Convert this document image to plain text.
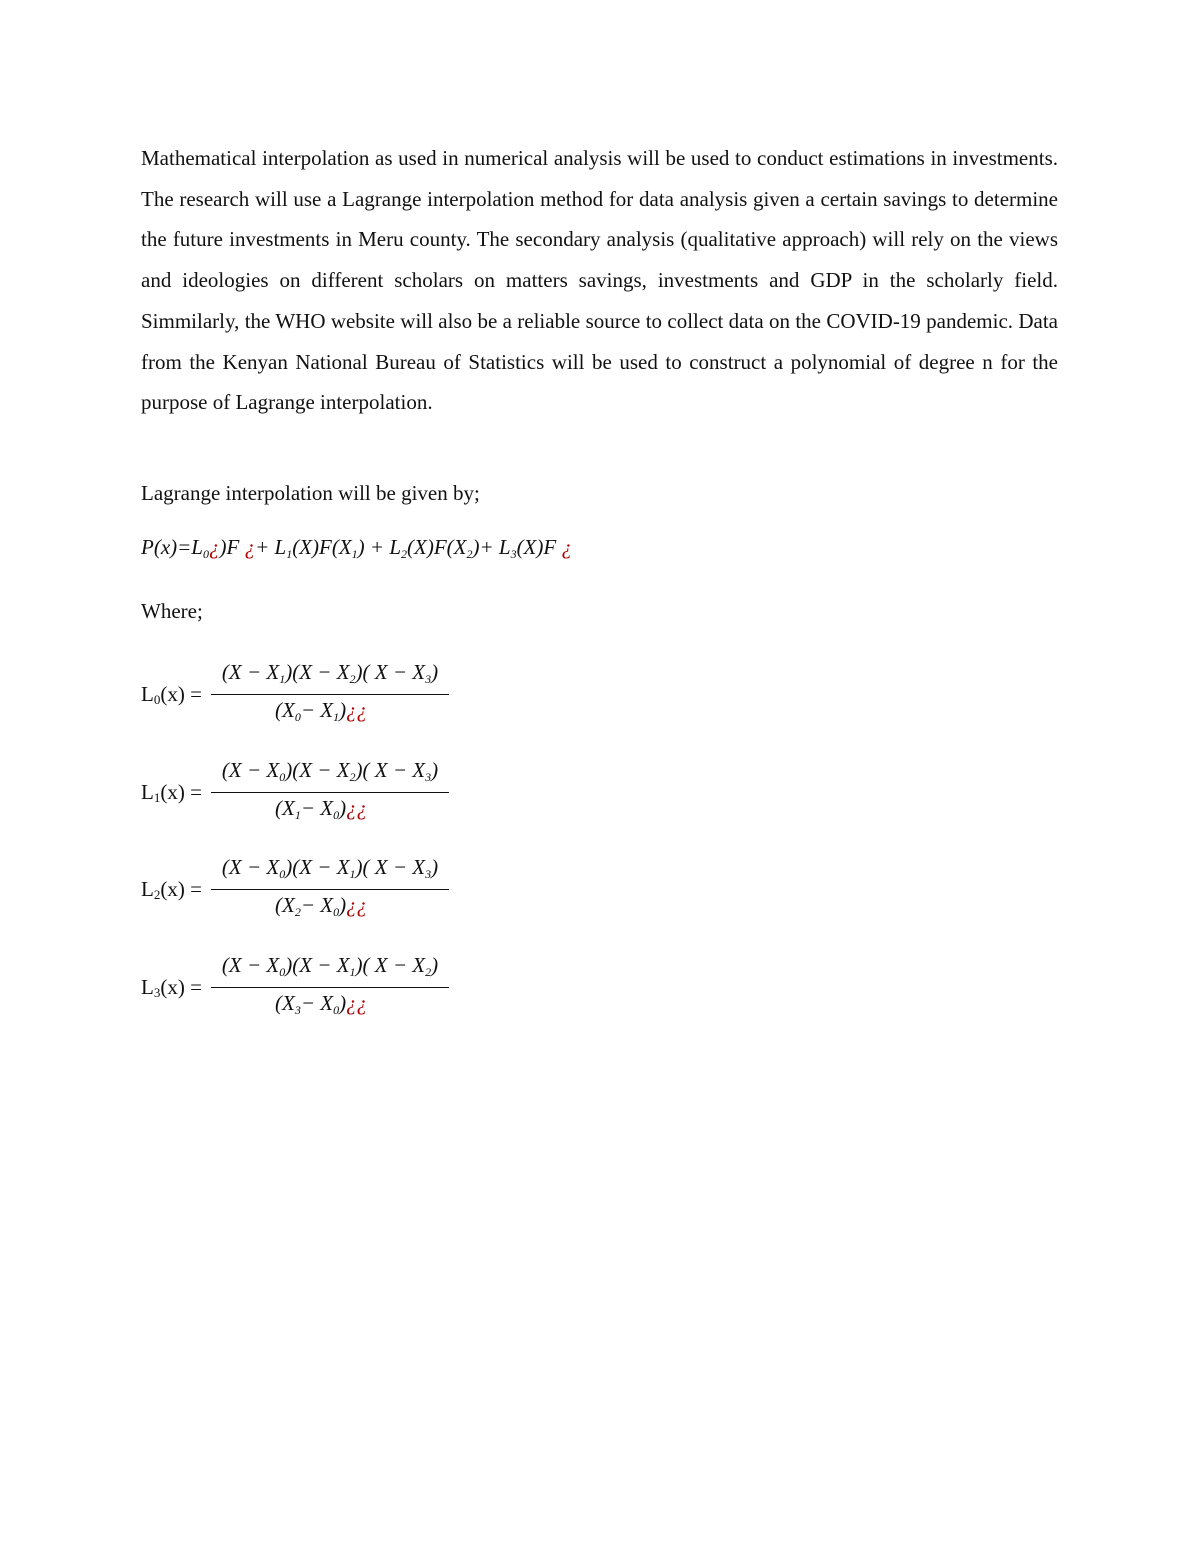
Mathematical interpolation as used in numerical analysis will be used to conduct estimations in investments. The research will use a Lagrange interpolation method for data analysis given a certain savings to determine the future investments in Meru county. The secondary analysis (qualitative approach) will rely on the views and ideologies on different scholars on matters savings, investments and GDP in the scholarly field. Simmilarly, the WHO website will also be a reliable source to collect data on the COVID-19 pandemic. Data from the Kenyan National Bureau of Statistics will be used to construct a polynomial of degree n for the purpose of Lagrange interpolation.

Lagrange interpolation will be given by;

$P(x)=L_0¿)F$ ¿+ $L_1(X)F(X_1) + L_2(X)F(X_2)+ L_3(X)F$ ¿

Where;

$L_0(x)$ =
$(X - X_1)(X - X_2)$( $X - X_3$)
($X_0-$ $X_1)¿¿$
$L_1(x)$ =
$(X - X_0)(X - X_2)$( $X - X_3$)
($X_1-$ $X_0)¿¿$
$L_2(x)$ =
$(X - X_0)(X - X_1)$( $X - X_3$)
($X_2-$ $X_0)¿¿$
$L_3(x)$ =
$(X - X_0)(X - X_1)$( $X - X_2$)
($X_3-$ $X_0)¿¿$
